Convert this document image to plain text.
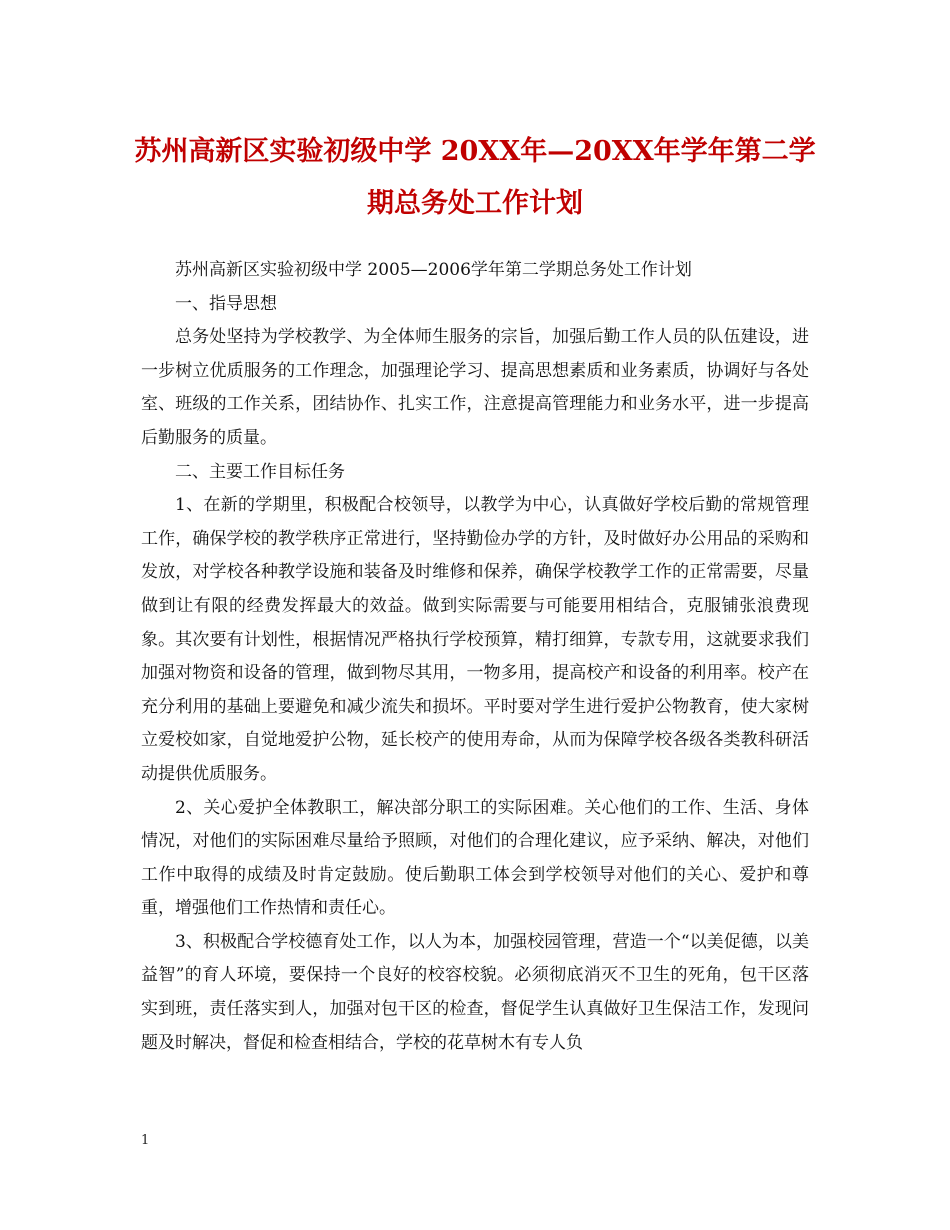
苏州高新区实验初级中学 20XX年—20XX年学年第二学
期总务处工作计划

苏州高新区实验初级中学 2005—2006学年第二学期总务处工作计划

一、指导思想

总务处坚持为学校教学、为全体师生服务的宗旨，加强后勤工作人员的队伍建设，进一步树立优质服务的工作理念，加强理论学习、提高思想素质和业务素质，协调好与各处室、班级的工作关系，团结协作、扎实工作，注意提高管理能力和业务水平，进一步提高后勤服务的质量。

二、主要工作目标任务

1、在新的学期里，积极配合校领导，以教学为中心，认真做好学校后勤的常规管理工作，确保学校的教学秩序正常进行，坚持勤俭办学的方针，及时做好办公用品的采购和发放，对学校各种教学设施和装备及时维修和保养，确保学校教学工作的正常需要，尽量做到让有限的经费发挥最大的效益。做到实际需要与可能要用相结合，克服铺张浪费现象。其次要有计划性，根据情况严格执行学校预算，精打细算，专款专用，这就要求我们加强对物资和设备的管理，做到物尽其用，一物多用，提高校产和设备的利用率。校产在充分利用的基础上要避免和减少流失和损坏。平时要对学生进行爱护公物教育，使大家树立爱校如家，自觉地爱护公物，延长校产的使用寿命，从而为保障学校各级各类教科研活动提供优质服务。

2、关心爱护全体教职工，解决部分职工的实际困难。关心他们的工作、生活、身体情况，对他们的实际困难尽量给予照顾，对他们的合理化建议，应予采纳、解决，对他们工作中取得的成绩及时肯定鼓励。使后勤职工体会到学校领导对他们的关心、爱护和尊重，增强他们工作热情和责任心。

3、积极配合学校德育处工作，以人为本，加强校园管理，营造一个“以美促德，以美益智”的育人环境，要保持一个良好的校容校貌。必须彻底消灭不卫生的死角，包干区落实到班，责任落实到人，加强对包干区的检查，督促学生认真做好卫生保洁工作，发现问题及时解决，督促和检查相结合，学校的花草树木有专人负

1
